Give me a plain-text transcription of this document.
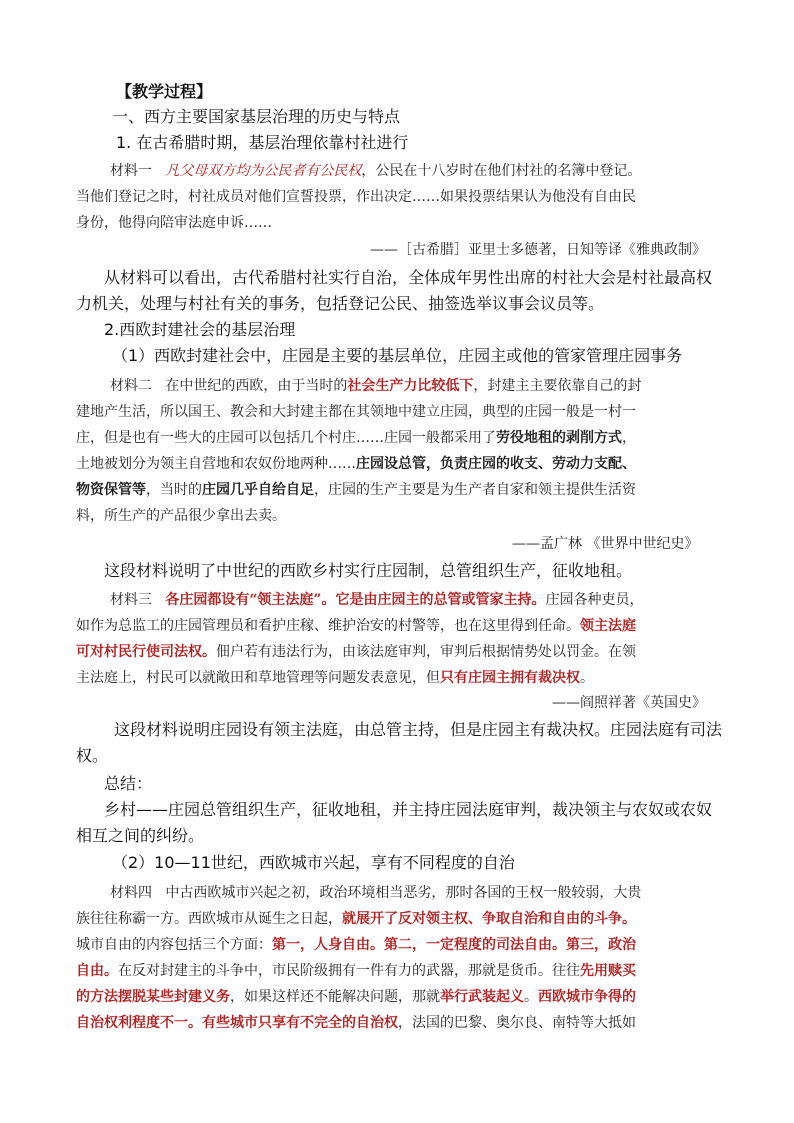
【教学过程】
一、西方主要国家基层治理的历史与特点
1. 在古希腊时期，基层治理依靠村社进行
材料一 凡父母双方均为公民者有公民权，公民在十八岁时在他们村社的名簿中登记。
当他们登记之时，村社成员对他们宣誓投票，作出决定……如果投票结果认为他没有自由民
身份，他得向陪审法庭申诉……
——［古希腊］亚里士多德著，日知等译《雅典政制》
从材料可以看出，古代希腊村社实行自治，全体成年男性出席的村社大会是村社最高权
力机关，处理与村社有关的事务，包括登记公民、抽签选举议事会议员等。
2.西欧封建社会的基层治理
（1）西欧封建社会中，庄园是主要的基层单位，庄园主或他的管家管理庄园事务
材料二 在中世纪的西欧，由于当时的社会生产力比较低下，封建主主要依靠自己的封
建地产生活，所以国王、教会和大封建主都在其领地中建立庄园，典型的庄园一般是一村一
庄，但是也有一些大的庄园可以包括几个村庄……庄园一般都采用了劳役地租的剥削方式，
土地被划分为领主自营地和农奴份地两种……庄园设总管，负责庄园的收支、劳动力支配、
物资保管等，当时的庄园几乎自给自足，庄园的生产主要是为生产者自家和领主提供生活资
料，所生产的产品很少拿出去卖。
——孟广林 《世界中世纪史》
这段材料说明了中世纪的西欧乡村实行庄园制，总管组织生产，征收地租。
材料三 各庄园都设有“领主法庭”。它是由庄园主的总管或管家主持。庄园各种吏员，
如作为总监工的庄园管理员和看护庄稼、维护治安的村警等，也在这里得到任命。领主法庭
可对村民行使司法权。佃户若有违法行为，由该法庭审判，审判后根据情势处以罚金。在领
主法庭上，村民可以就敞田和草地管理等问题发表意见，但只有庄园主拥有裁决权。
——阎照祥著《英国史》
这段材料说明庄园设有领主法庭，由总管主持，但是庄园主有裁决权。庄园法庭有司法
权。
总结：
乡村——庄园总管组织生产，征收地租，并主持庄园法庭审判，裁决领主与农奴或农奴
相互之间的纠纷。
（2）10—11世纪，西欧城市兴起，享有不同程度的自治
材料四 中古西欧城市兴起之初，政治环境相当恶劣，那时各国的王权一般较弱，大贵
族往往称霸一方。西欧城市从诞生之日起，就展开了反对领主权、争取自治和自由的斗争。
城市自由的内容包括三个方面：第一，人身自由。第二，一定程度的司法自由。第三，政治
自由。在反对封建主的斗争中，市民阶级拥有一件有力的武器，那就是货币。往往先用赎买
的方法摆脱某些封建义务，如果这样还不能解决问题，那就举行武装起义。西欧城市争得的
自治权利程度不一。有些城市只享有不完全的自治权，法国的巴黎、奥尔良、南特等大抵如
